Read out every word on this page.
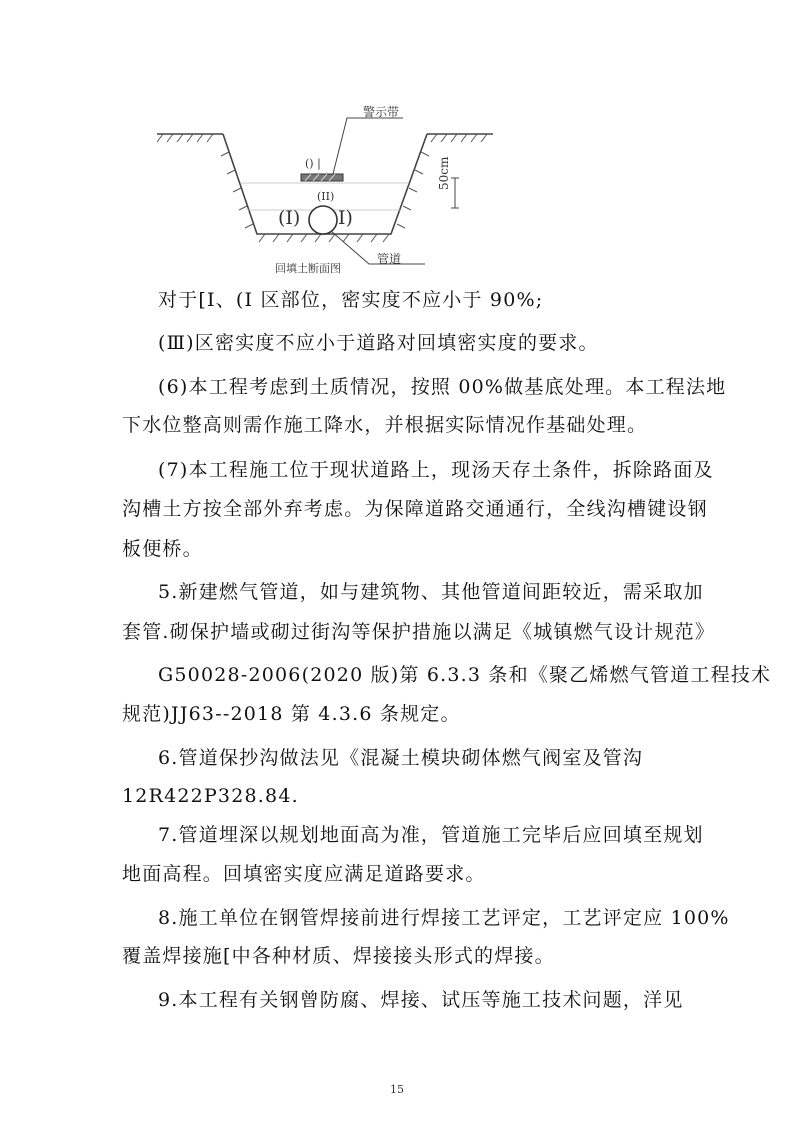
警示带
() |
(II)
(I) I)
50cm
管道
回填土断面图
对于[I、(I 区部位，密实度不应小于 90%;
(Ⅲ)区密实度不应小于道路对回填密实度的要求。
(6)本工程考虑到土质情况，按照 00%做基底处理。本工程法地
下水位整高则需作施工降水，并根据实际情况作基础处理。
(7)本工程施工位于现状道路上，现汤天存土条件，拆除路面及
沟槽土方按全部外弃考虑。为保障道路交通通行，全线沟槽键设钢
板便桥。
5.新建燃气管道，如与建筑物、其他管道间距较近，需采取加
套管.砌保护墙或砌过街沟等保护措施以满足《城镇燃气设计规范》
G50028-2006(2020 版)第 6.3.3 条和《聚乙烯燃气管道工程技术
规范)JJ63--2018 第 4.3.6 条规定。
6.管道保抄沟做法见《混凝土模块砌体燃气阀室及管沟
12R422P328.84.
7.管道埋深以规划地面高为准，管道施工完毕后应回填至规划
地面高程。回填密实度应满足道路要求。
8.施工单位在钢管焊接前进行焊接工艺评定，工艺评定应 100%
覆盖焊接施[中各种材质、焊接接头形式的焊接。
9.本工程有关钢曾防腐、焊接、试压等施工技术问题，洋见
15
